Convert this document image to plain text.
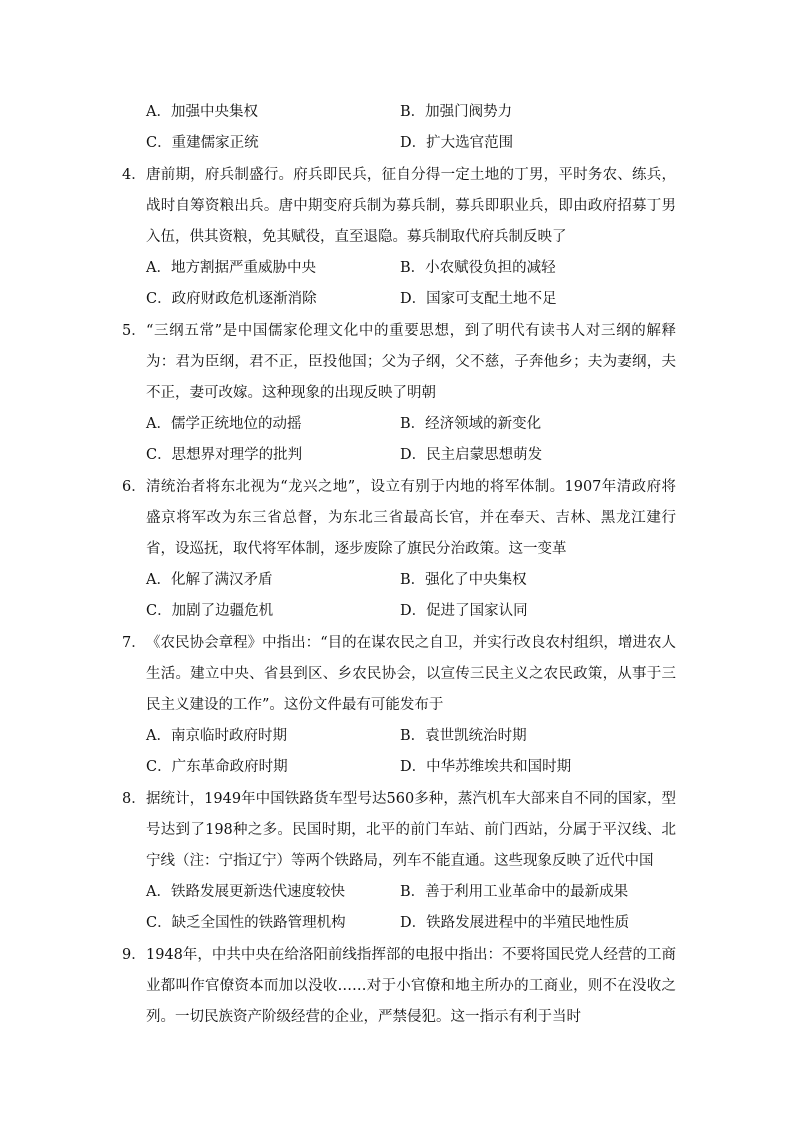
A．加强中央集权	B．加强门阀势力
C．重建儒家正统	D．扩大选官范围
4． 唐前期，府兵制盛行。府兵即民兵，征自分得一定土地的丁男，平时务农、练兵，战时自筹资粮出兵。唐中期变府兵制为募兵制，募兵即职业兵，即由政府招募丁男入伍，供其资粮，免其赋役，直至退隐。募兵制取代府兵制反映了
A．地方割据严重威胁中央	B．小农赋役负担的减轻
C．政府财政危机逐渐消除	D．国家可支配土地不足
5． “三纲五常”是中国儒家伦理文化中的重要思想，到了明代有读书人对三纲的解释为：君为臣纲，君不正，臣投他国；父为子纲，父不慈，子奔他乡；夫为妻纲，夫不正，妻可改嫁。这种现象的出现反映了明朝
A．儒学正统地位的动摇	B．经济领域的新变化
C．思想界对理学的批判	D．民主启蒙思想萌发
6． 清统治者将东北视为“龙兴之地”，设立有别于内地的将军体制。1907年清政府将盛京将军改为东三省总督，为东北三省最高长官，并在奉天、吉林、黑龙江建行省，设巡抚，取代将军体制，逐步废除了旗民分治政策。这一变革
A．化解了满汉矛盾	B．强化了中央集权
C．加剧了边疆危机	D．促进了国家认同
7． 《农民协会章程》中指出：“目的在谋农民之自卫，并实行改良农村组织，增进农人生活。建立中央、省县到区、乡农民协会，以宣传三民主义之农民政策，从事于三民主义建设的工作”。这份文件最有可能发布于
A．南京临时政府时期	B．袁世凯统治时期
C．广东革命政府时期	D．中华苏维埃共和国时期
8． 据统计，1949年中国铁路货车型号达560多种，蒸汽机车大部来自不同的国家，型号达到了198种之多。民国时期，北平的前门车站、前门西站，分属于平汉线、北宁线（注：宁指辽宁）等两个铁路局，列车不能直通。这些现象反映了近代中国
A．铁路发展更新迭代速度较快	B．善于利用工业革命中的最新成果
C．缺乏全国性的铁路管理机构	D．铁路发展进程中的半殖民地性质
9． 1948年，中共中央在给洛阳前线指挥部的电报中指出：不要将国民党人经营的工商业都叫作官僚资本而加以没收……对于小官僚和地主所办的工商业，则不在没收之列。一切民族资产阶级经营的企业，严禁侵犯。这一指示有利于当时
